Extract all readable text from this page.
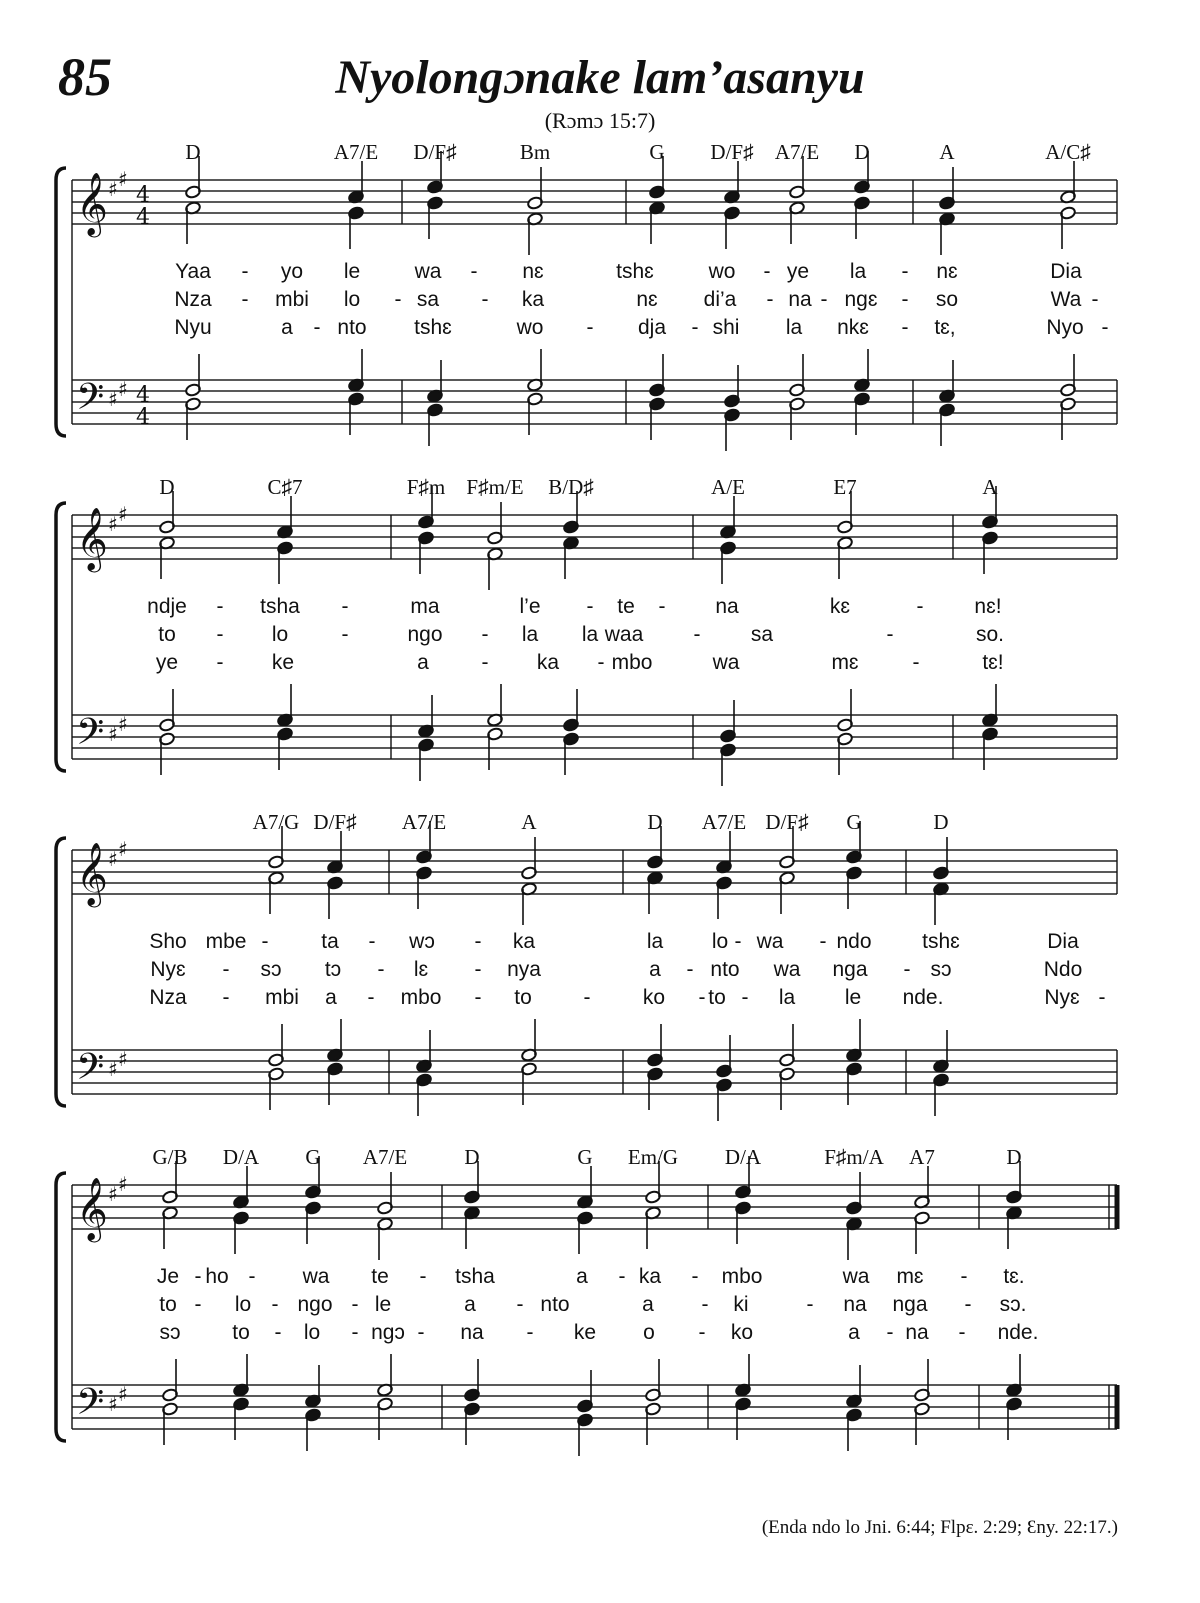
85	Nyolongɔnake lam’asanyu
(Rɔmɔ 15:7)
𝄞
𝄢
♯ ♯
♯ ♯
4
4
4
4
D	A7/E D/F♯	Bm	G D/F♯ A7/E D	A	A/C♯
Yaa - yo le	wa - nɛ	tshɛ	wo - ye la - nɛ	Dia
Nza - mbi lo - sa - ka	nɛ di’a - na - ngɛ - so	Wa -
Nyu	a - nto tshɛ	wo - dja - shi la nkɛ - tɛ,	Nyo -
𝄞
𝄢
♯ ♯
♯ ♯
D	C♯7	F♯m F♯m/E B/D♯	A/E	E7	A
ndje - tsha -	ma	l’e - te - na	kɛ	- nɛ!
to - lo	-	ngo - la la waa - sa	-	so.
ye - ke	a	- ka - mbo	wa	mɛ	-	tɛ!
𝄞
𝄢
♯ ♯
♯ ♯
A7/G D/F♯ A7/E	A	D A7/E D/F♯ G	D
Sho mbe -	ta - wɔ - ka	la lo - wa - ndo tshɛ	Dia
Nyɛ - sɔ tɔ - lɛ - nya	a - nto wa nga - sɔ	Ndo
Nza - mbi a - mbo - to - ko - to - la le nde.	Nyɛ -
𝄞
𝄢
♯ ♯
♯ ♯
G/B D/A G A7/E	D	G Em/G D/A	F♯m/A A7	D
Je - ho - wa te - tsha	a - ka - mbo	wa mɛ - tɛ.
to - lo - ngo - le	a - nto	a - ki	- na nga - sɔ.
sɔ to - lo - ngɔ - na - ke o - ko	a - na - nde.
(Enda ndo lo Jni. 6:44; Flpɛ. 2:29; Ɛny. 22:17.)
